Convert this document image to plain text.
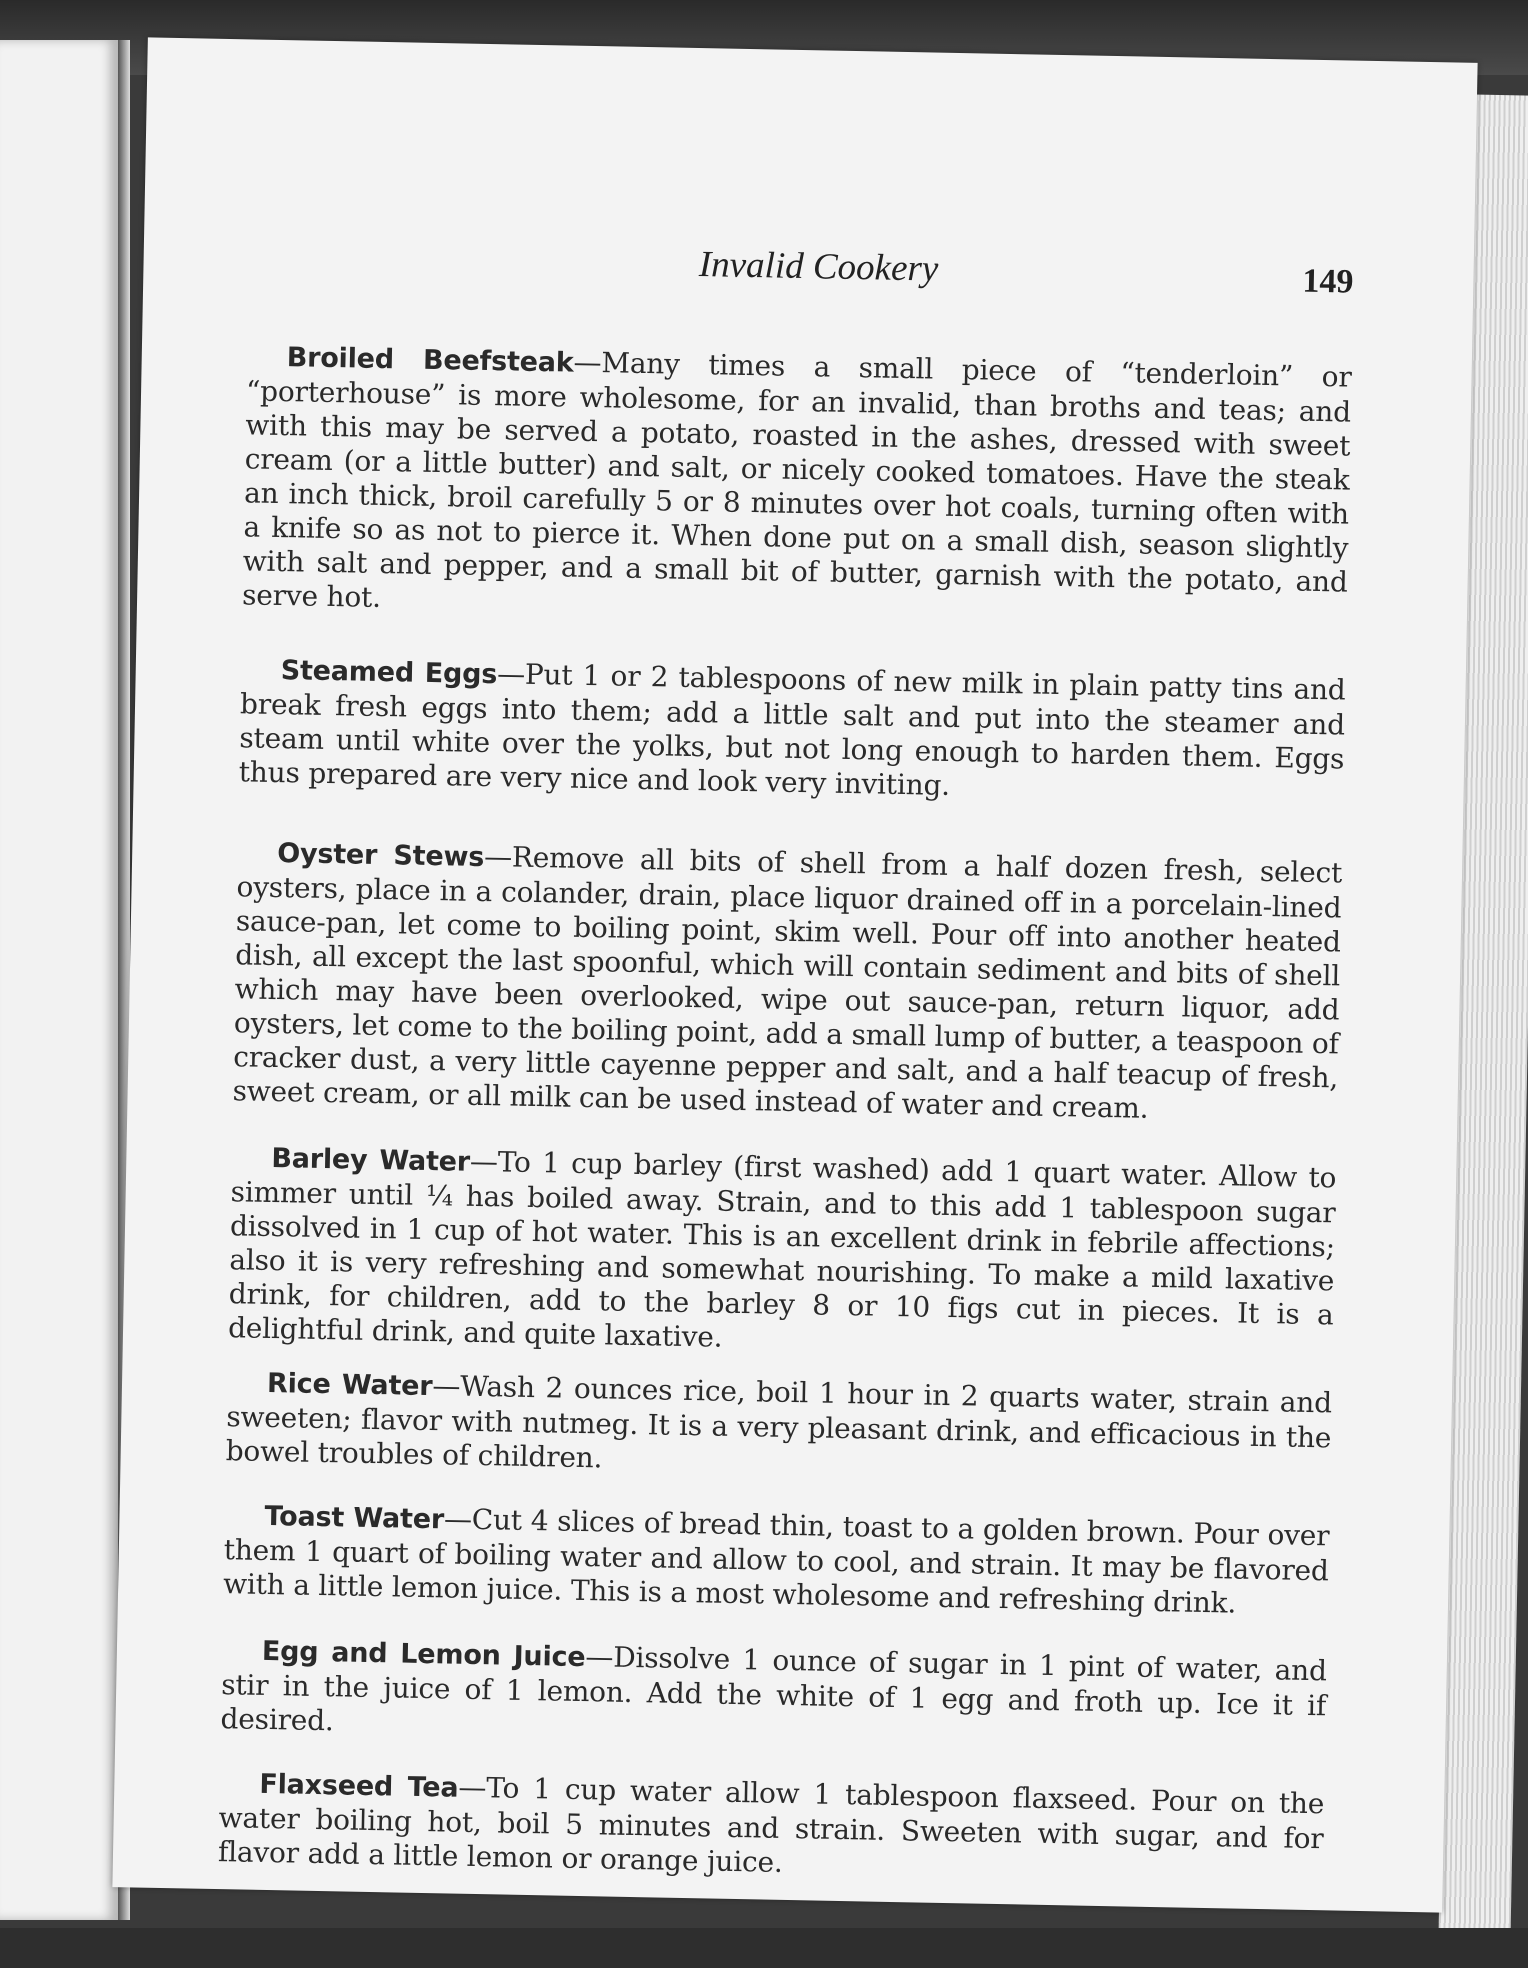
Invalid Cookery	149

Broiled Beefsteak—Many times a small piece of “tenderloin” or “porterhouse” is more wholesome, for an invalid, than broths and teas; and with this may be served a potato, roasted in the ashes, dressed with sweet cream (or a little butter) and salt, or nicely cooked tomatoes. Have the steak an inch thick, broil carefully 5 or 8 minutes over hot coals, turning often with a knife so as not to pierce it. When done put on a small dish, season slightly with salt and pepper, and a small bit of butter, garnish with the potato, and serve hot.

Steamed Eggs—Put 1 or 2 tablespoons of new milk in plain patty tins and break fresh eggs into them; add a little salt and put into the steamer and steam until white over the yolks, but not long enough to harden them. Eggs thus prepared are very nice and look very inviting.

Oyster Stews—Remove all bits of shell from a half dozen fresh, select oysters, place in a colander, drain, place liquor drained off in a porcelain-lined sauce-pan, let come to boiling point, skim well. Pour off into another heated dish, all except the last spoonful, which will contain sediment and bits of shell which may have been overlooked, wipe out sauce-pan, return liquor, add oysters, let come to the boiling point, add a small lump of butter, a teaspoon of cracker dust, a very little cayenne pepper and salt, and a half teacup of fresh, sweet cream, or all milk can be used instead of water and cream.

Barley Water—To 1 cup barley (first washed) add 1 quart water. Allow to simmer until ¼ has boiled away. Strain, and to this add 1 tablespoon sugar dissolved in 1 cup of hot water. This is an excellent drink in febrile affections; also it is very refreshing and somewhat nourishing. To make a mild laxative drink, for children, add to the barley 8 or 10 figs cut in pieces. It is a delightful drink, and quite laxative.

Rice Water—Wash 2 ounces rice, boil 1 hour in 2 quarts water, strain and sweeten; flavor with nutmeg. It is a very pleasant drink, and efficacious in the bowel troubles of children.

Toast Water—Cut 4 slices of bread thin, toast to a golden brown. Pour over them 1 quart of boiling water and allow to cool, and strain. It may be flavored with a little lemon juice. This is a most wholesome and refreshing drink.

Egg and Lemon Juice—Dissolve 1 ounce of sugar in 1 pint of water, and stir in the juice of 1 lemon. Add the white of 1 egg and froth up. Ice it if desired.

Flaxseed Tea—To 1 cup water allow 1 tablespoon flaxseed. Pour on the water boiling hot, boil 5 minutes and strain. Sweeten with sugar, and for flavor add a little lemon or orange juice.
